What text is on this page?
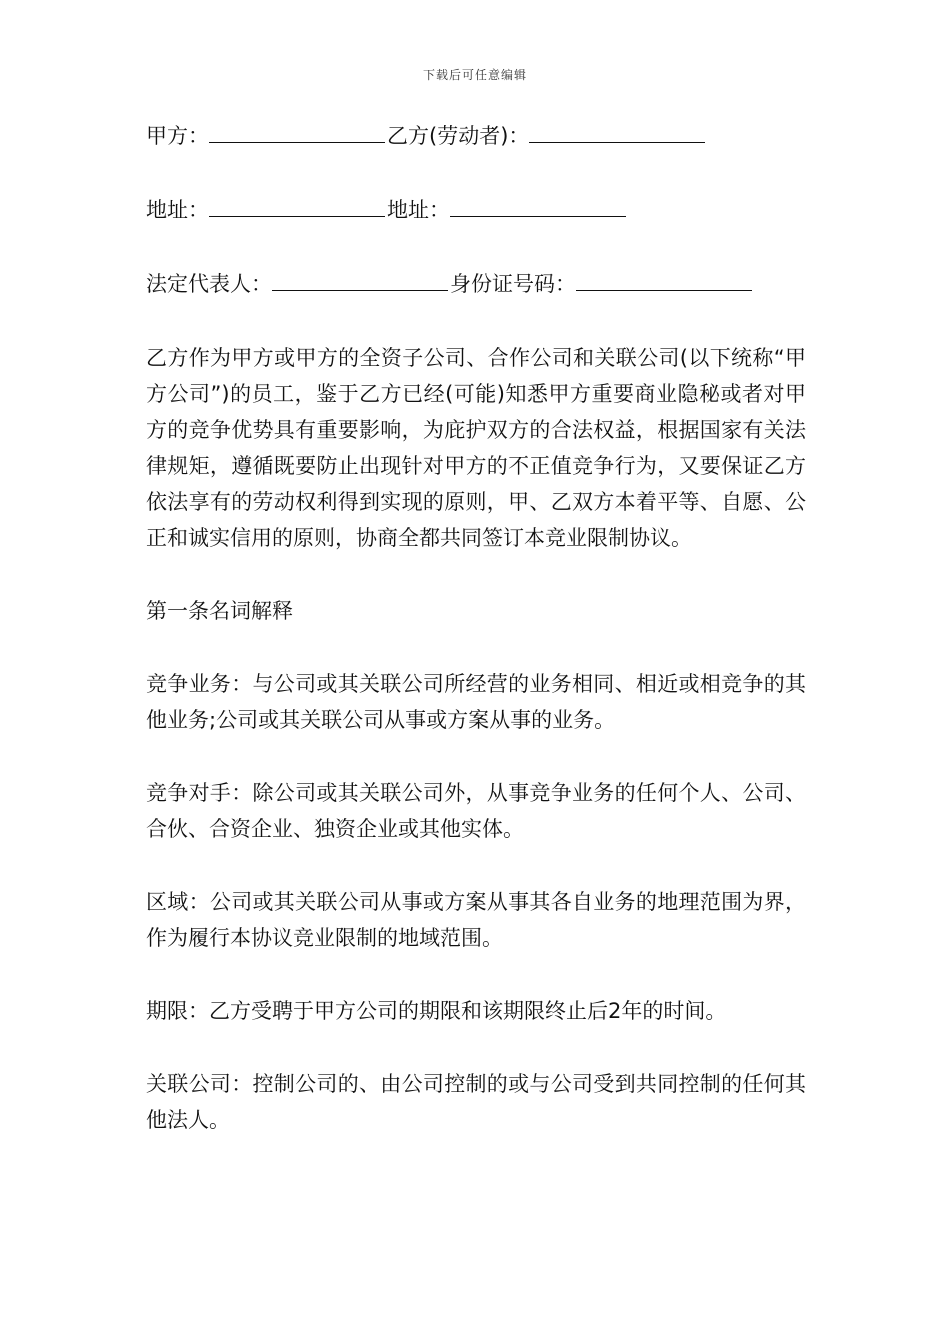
下载后可任意编辑
甲方：	乙方(劳动者)：
地址：	地址：
法定代表人：	身份证号码：

乙方作为甲方或甲方的全资子公司、合作公司和关联公司(以下统称“甲方公司”)的员工，鉴于乙方已经(可能)知悉甲方重要商业隐秘或者对甲方的竞争优势具有重要影响，为庇护双方的合法权益，根据国家有关法律规矩，遵循既要防止出现针对甲方的不正值竞争行为，又要保证乙方依法享有的劳动权利得到实现的原则，甲、乙双方本着平等、自愿、公正和诚实信用的原则，协商全都共同签订本竞业限制协议。

第一条名词解释

竞争业务：与公司或其关联公司所经营的业务相同、相近或相竞争的其他业务;公司或其关联公司从事或方案从事的业务。

竞争对手：除公司或其关联公司外，从事竞争业务的任何个人、公司、合伙、合资企业、独资企业或其他实体。

区域：公司或其关联公司从事或方案从事其各自业务的地理范围为界，作为履行本协议竞业限制的地域范围。

期限：乙方受聘于甲方公司的期限和该期限终止后2年的时间。

关联公司：控制公司的、由公司控制的或与公司受到共同控制的任何其他法人。
